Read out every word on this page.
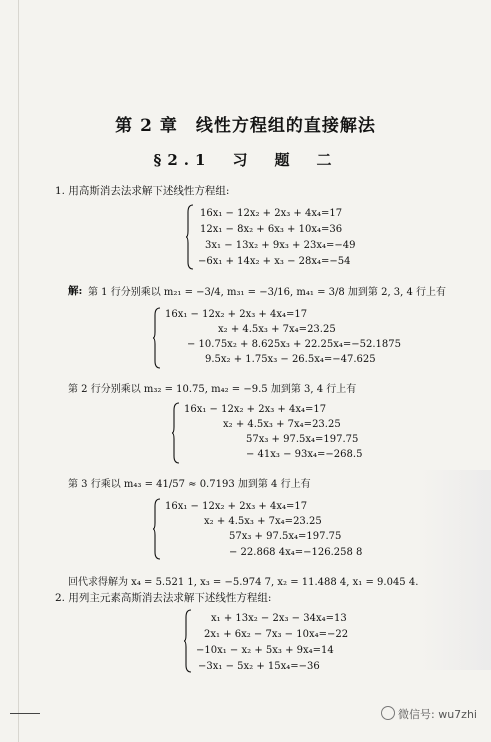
第 2 章　线性方程组的直接解法
§2.1　习　题　二
1. 用高斯消去法求解下述线性方程组:
16x₁ − 12x₂ + 2x₃ + 4x₄=17
12x₁ − 8x₂ + 6x₃ + 10x₄=36
3x₁ − 13x₂ + 9x₃ + 23x₄=−49
−6x₁ + 14x₂ + x₃ − 28x₄=−54
解: 第 1 行分别乘以 m₂₁ = −3/4, m₃₁ = −3/16, m₄₁ = 3/8 加到第 2, 3, 4 行上有
16x₁ − 12x₂ + 2x₃ + 4x₄=17
x₂ + 4.5x₃ + 7x₄=23.25
− 10.75x₂ + 8.625x₃ + 22.25x₄=−52.1875
9.5x₂ + 1.75x₃ − 26.5x₄=−47.625
第 2 行分别乘以 m₃₂ = 10.75, m₄₂ = −9.5 加到第 3, 4 行上有
16x₁ − 12x₂ + 2x₃ + 4x₄=17
x₂ + 4.5x₃ + 7x₄=23.25
57x₃ + 97.5x₄=197.75
− 41x₃ − 93x₄=−268.5
第 3 行乘以 m₄₃ = 41/57 ≈ 0.7193 加到第 4 行上有
16x₁ − 12x₂ + 2x₃ + 4x₄=17
x₂ + 4.5x₃ + 7x₄=23.25
57x₃ + 97.5x₄=197.75
− 22.868 4x₄=−126.258 8
回代求得解为 x₄ = 5.521 1, x₃ = −5.974 7, x₂ = 11.488 4, x₁ = 9.045 4.
2. 用列主元素高斯消去法求解下述线性方程组:
x₁ + 13x₂ − 2x₃ − 34x₄=13
2x₁ + 6x₂ − 7x₃ − 10x₄=−22
−10x₁ − x₂ + 5x₃ + 9x₄=14
−3x₁ − 5x₂ + 15x₄=−36
微信号: wu7zhi
